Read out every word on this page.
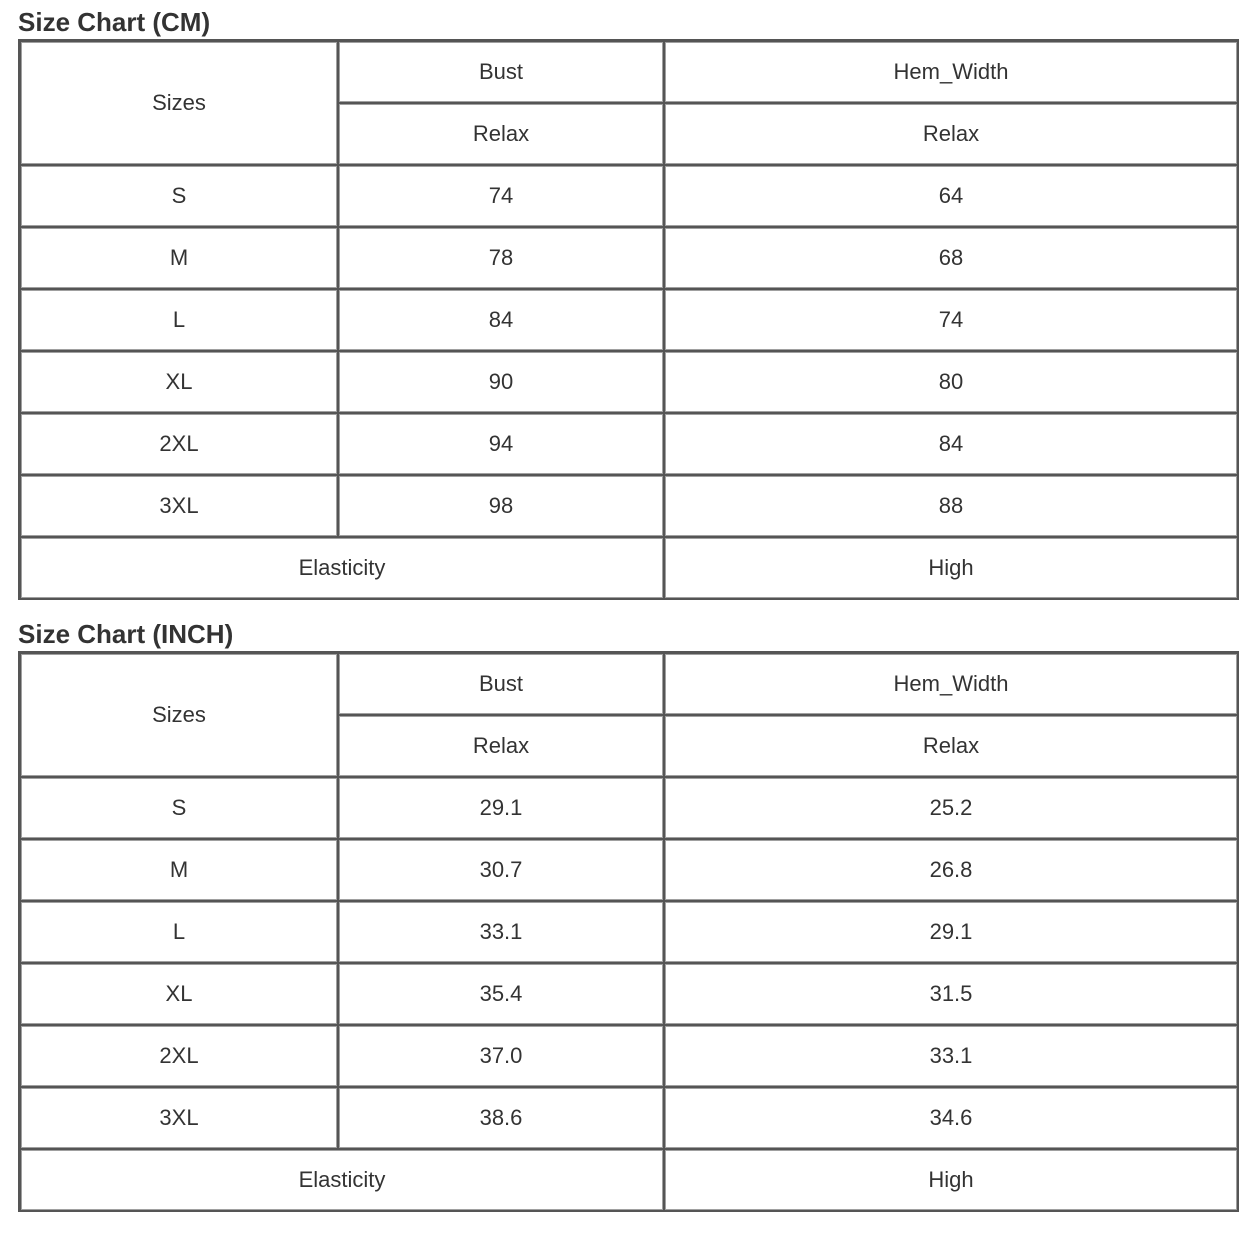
Size Chart (CM)
Sizes	Bust	Hem_Width
	Relax	Relax
S	74	64
M	78	68
L	84	74
XL	90	80
2XL	94	84
3XL	98	88
Elasticity		High
Size Chart (INCH)
Sizes	Bust	Hem_Width
	Relax	Relax
S	29.1	25.2
M	30.7	26.8
L	33.1	29.1
XL	35.4	31.5
2XL	37.0	33.1
3XL	38.6	34.6
Elasticity		High
